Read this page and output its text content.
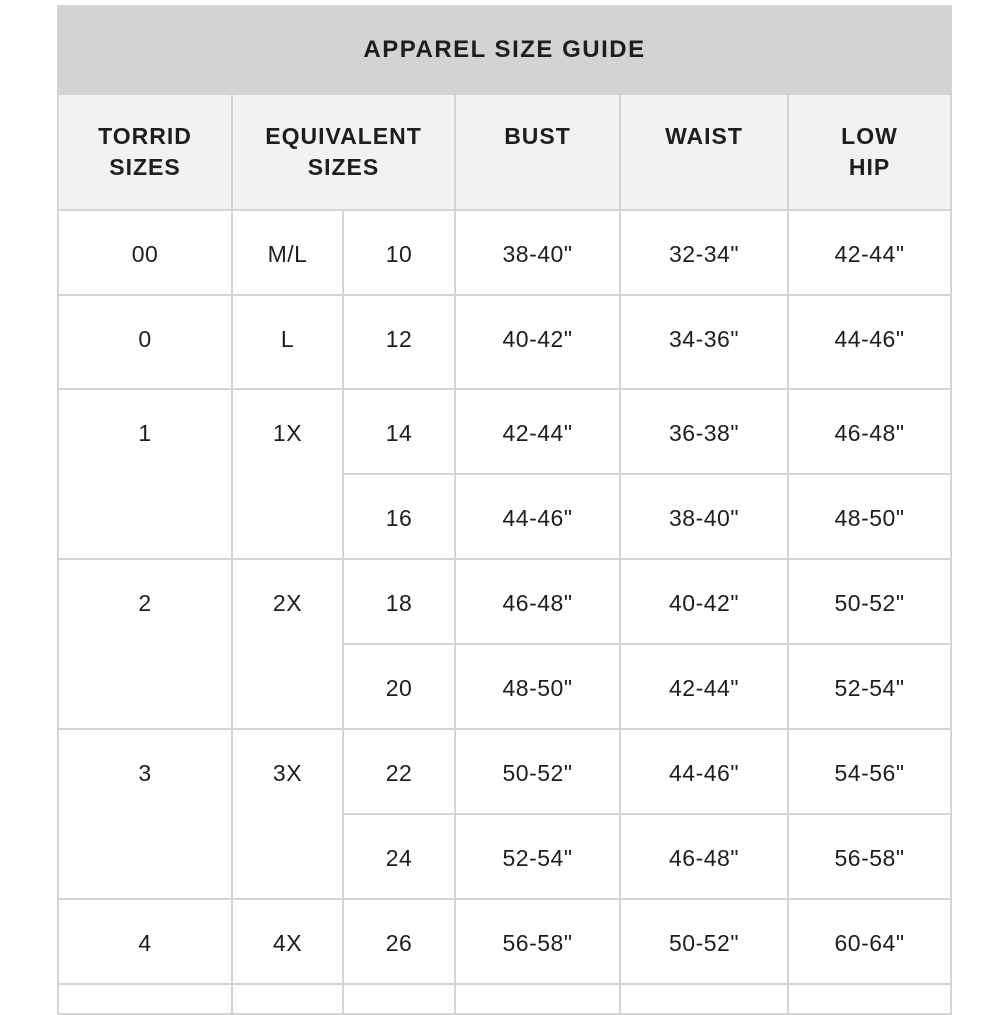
APPAREL SIZE GUIDE					
TORRID SIZES	EQUIVALENT SIZES		BUST	WAIST	LOW HIP
00	M/L	10	38-40"	32-34"	42-44"
0	L	12	40-42"	34-36"	44-46"
1	1X	14	42-44"	36-38"	46-48"
		16	44-46"	38-40"	48-50"
2	2X	18	46-48"	40-42"	50-52"
		20	48-50"	42-44"	52-54"
3	3X	22	50-52"	44-46"	54-56"
		24	52-54"	46-48"	56-58"
4	4X	26	56-58"	50-52"	60-64"
